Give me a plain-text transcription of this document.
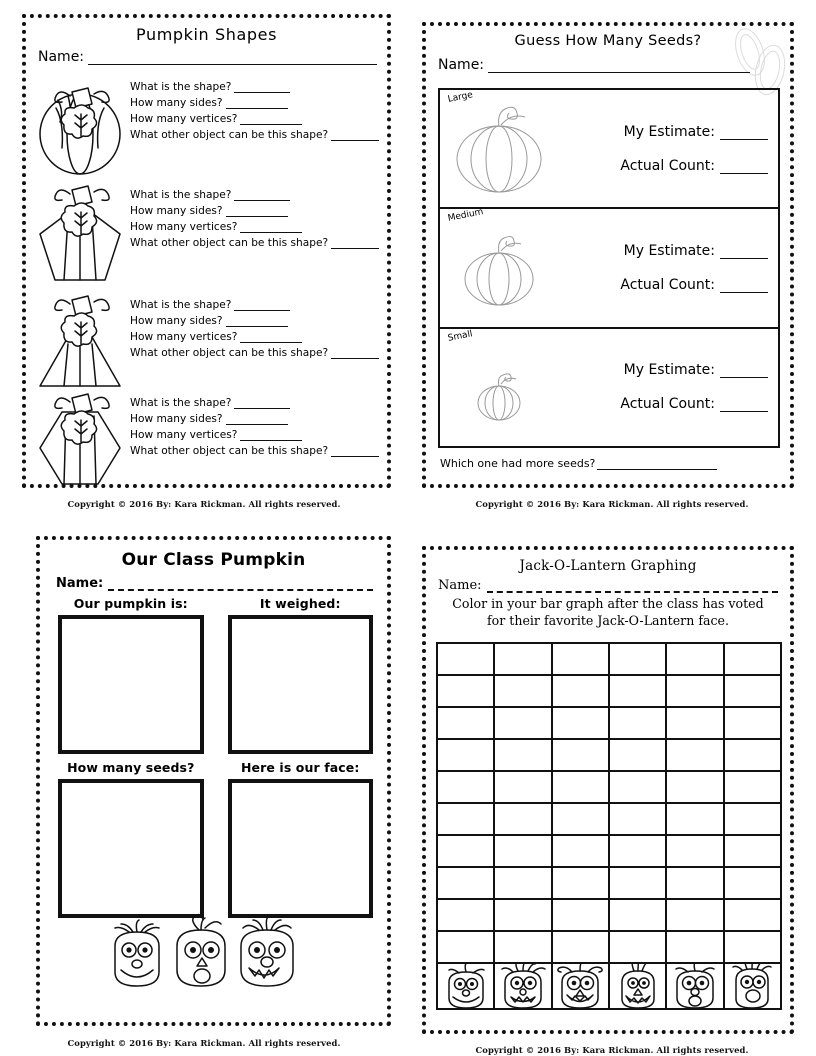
Pumpkin Shapes
Name:
What is the shape?
How many sides?
How many vertices?
What other object can be this shape?
What is the shape?
How many sides?
How many vertices?
What other object can be this shape?
What is the shape?
How many sides?
How many vertices?
What other object can be this shape?
What is the shape?
How many sides?
How many vertices?
What other object can be this shape?
Copyright © 2016 By: Kara Rickman. All rights reserved.
Guess How Many Seeds?
Name:
Large
My Estimate:
Actual Count:
Medium
My Estimate:
Actual Count:
Small
My Estimate:
Actual Count:
Which one had more seeds?
Copyright © 2016 By: Kara Rickman. All rights reserved.
Our Class Pumpkin
Name:
Our pumpkin is:	It weighed:
How many seeds?	Here is our face:
Copyright © 2016 By: Kara Rickman. All rights reserved.
Jack-O-Lantern Graphing
Name:
Color in your bar graph after the class has voted
for their favorite Jack-O-Lantern face.
Copyright © 2016 By: Kara Rickman. All rights reserved.
